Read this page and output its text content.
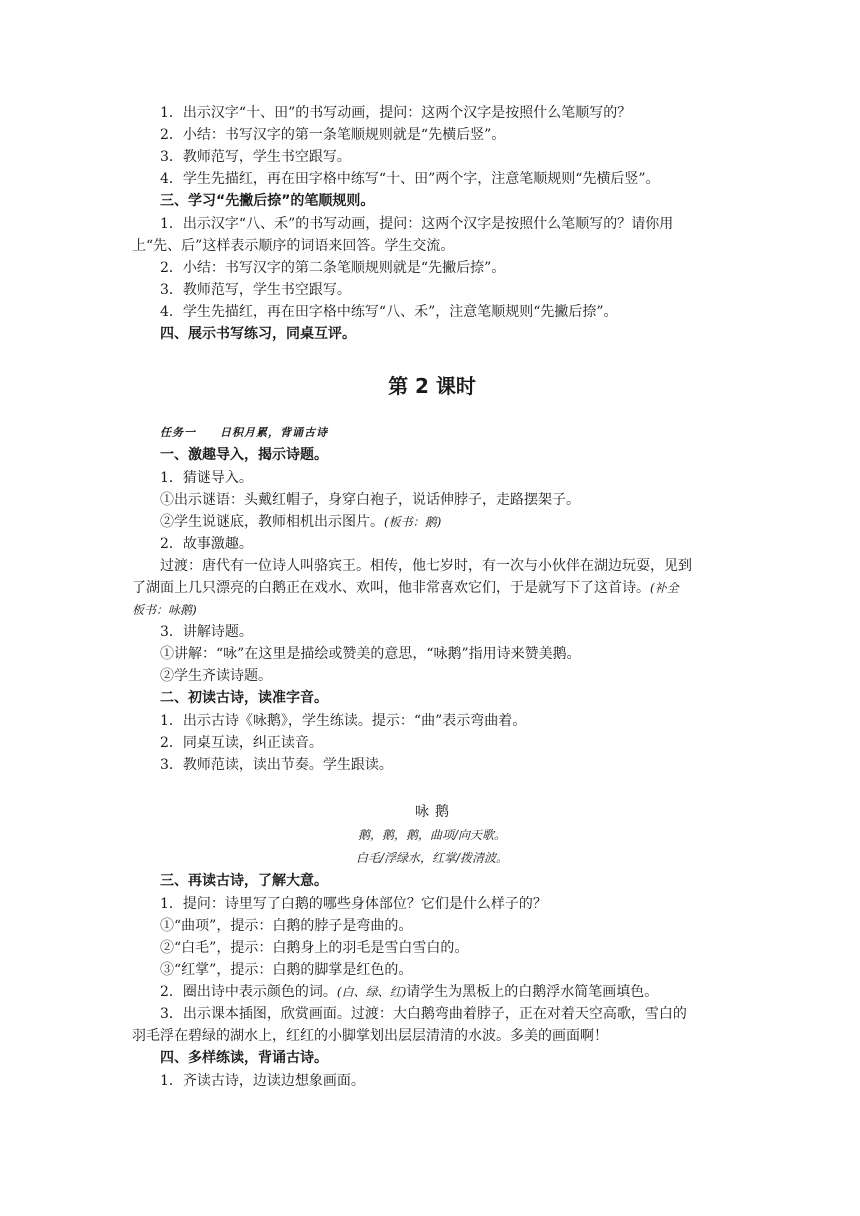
1．出示汉字“十、田”的书写动画，提问：这两个汉字是按照什么笔顺写的？

2．小结：书写汉字的第一条笔顺规则就是“先横后竖”。

3．教师范写，学生书空跟写。

4．学生先描红，再在田字格中练写“十、田”两个字，注意笔顺规则“先横后竖”。

三、学习“先撇后捺”的笔顺规则。

1．出示汉字“八、禾”的书写动画，提问：这两个汉字是按照什么笔顺写的？请你用

上“先、后”这样表示顺序的词语来回答。学生交流。

2．小结：书写汉字的第二条笔顺规则就是“先撇后捺”。

3．教师范写，学生书空跟写。

4．学生先描红，再在田字格中练写“八、禾”，注意笔顺规则“先撇后捺”。

四、展示书写练习，同桌互评。

第 2 课时

任务一　　日积月累，背诵古诗

一、激趣导入，揭示诗题。

1．猜谜导入。

①出示谜语：头戴红帽子，身穿白袍子，说话伸脖子，走路摆架子。

②学生说谜底，教师相机出示图片。(板书：鹅)

2．故事激趣。

过渡：唐代有一位诗人叫骆宾王。相传，他七岁时，有一次与小伙伴在湖边玩耍，见到

了湖面上几只漂亮的白鹅正在戏水、欢叫，他非常喜欢它们，于是就写下了这首诗。(补全

板书：咏鹅)

3．讲解诗题。

①讲解：“咏”在这里是描绘或赞美的意思，“咏鹅”指用诗来赞美鹅。

②学生齐读诗题。

二、初读古诗，读准字音。

1．出示古诗《咏鹅》，学生练读。提示：“曲”表示弯曲着。

2．同桌互读，纠正读音。

3．教师范读，读出节奏。学生跟读。

咏鹅

鹅，鹅，鹅，曲项/向天歌。

白毛/浮绿水，红掌/拨清波。

三、再读古诗，了解大意。

1．提问：诗里写了白鹅的哪些身体部位？它们是什么样子的？

①“曲项”，提示：白鹅的脖子是弯曲的。

②“白毛”，提示：白鹅身上的羽毛是雪白雪白的。

③“红掌”，提示：白鹅的脚掌是红色的。

2．圈出诗中表示颜色的词。(白、绿、红)请学生为黑板上的白鹅浮水简笔画填色。

3．出示课本插图，欣赏画面。过渡：大白鹅弯曲着脖子，正在对着天空高歌，雪白的

羽毛浮在碧绿的湖水上，红红的小脚掌划出层层清清的水波。多美的画面啊！

四、多样练读，背诵古诗。

1．齐读古诗，边读边想象画面。
